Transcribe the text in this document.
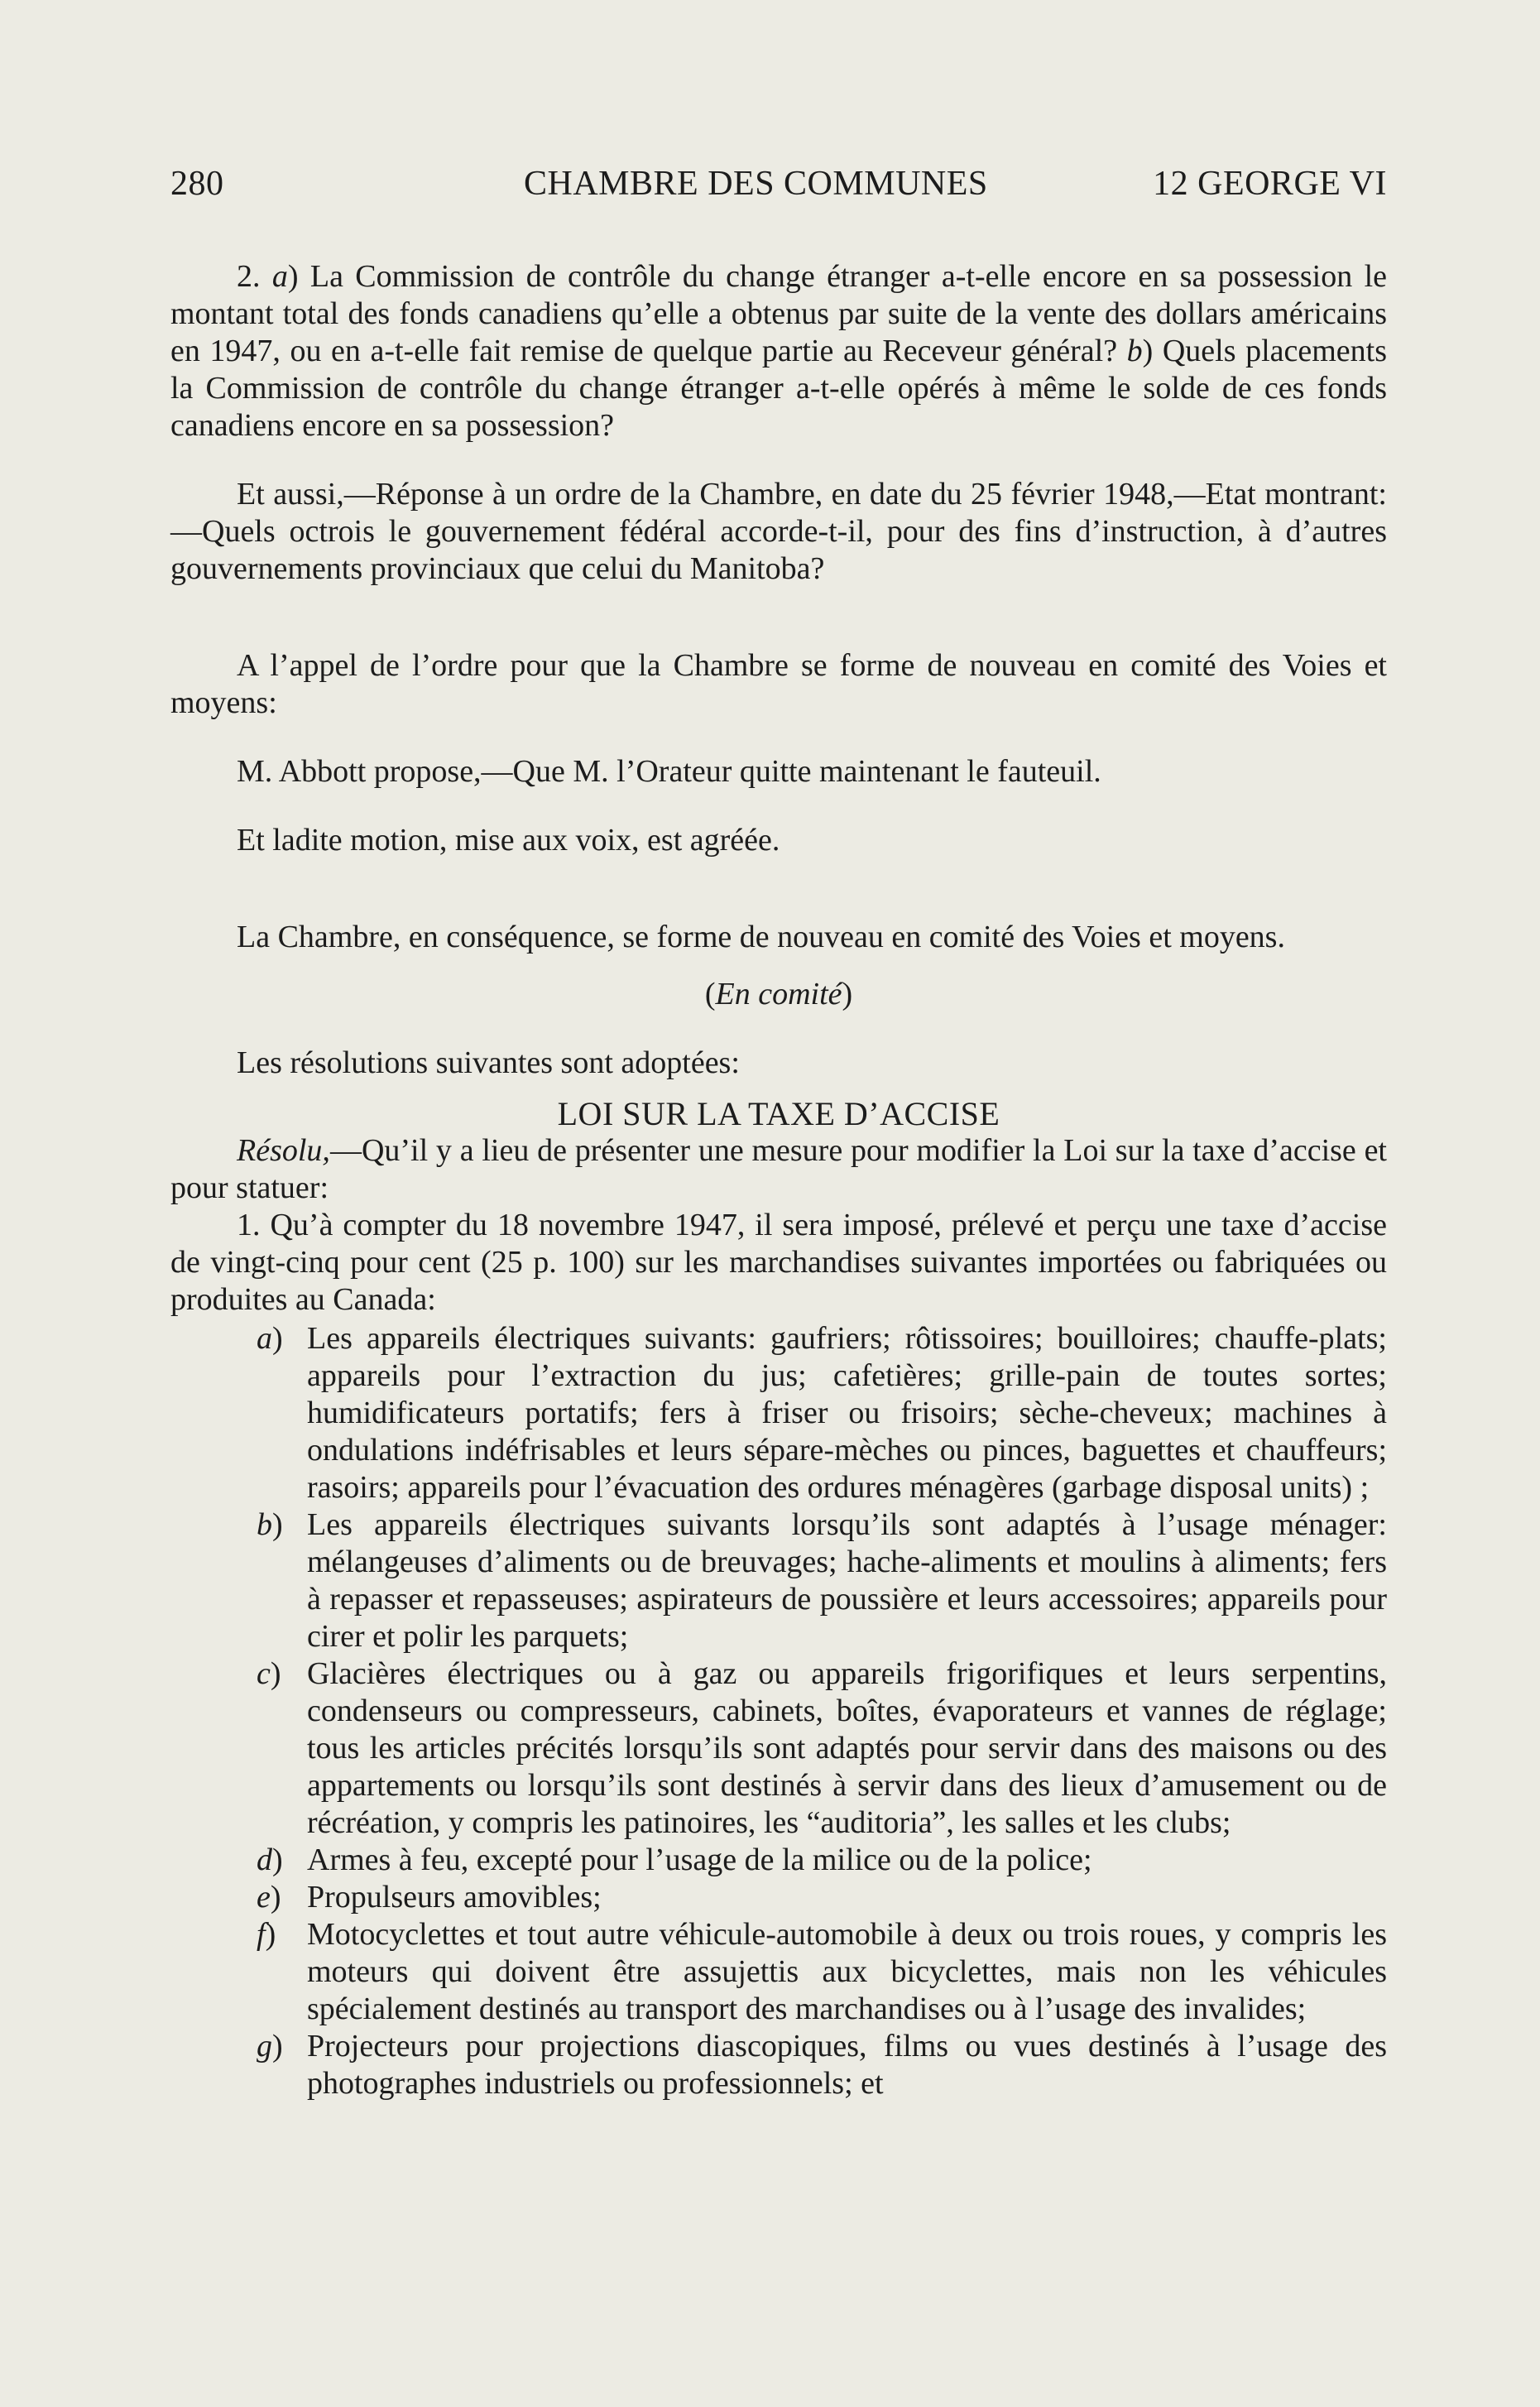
280	CHAMBRE DES COMMUNES	12 GEORGE VI

2. a) La Commission de contrôle du change étranger a-t-elle encore en sa possession le montant total des fonds canadiens qu’elle a obtenus par suite de la vente des dollars américains en 1947, ou en a-t-elle fait remise de quelque partie au Receveur général? b) Quels placements la Commission de contrôle du change étranger a-t-elle opérés à même le solde de ces fonds canadiens encore en sa possession?

Et aussi,—Réponse à un ordre de la Chambre, en date du 25 février 1948,—Etat montrant:—Quels octrois le gouvernement fédéral accorde-t-il, pour des fins d’instruction, à d’autres gouvernements provinciaux que celui du Manitoba?

A l’appel de l’ordre pour que la Chambre se forme de nouveau en comité des Voies et moyens:

M. Abbott propose,—Que M. l’Orateur quitte maintenant le fauteuil.

Et ladite motion, mise aux voix, est agréée.

La Chambre, en conséquence, se forme de nouveau en comité des Voies et moyens.

(En comité)

Les résolutions suivantes sont adoptées:

LOI SUR LA TAXE D’ACCISE

Résolu,—Qu’il y a lieu de présenter une mesure pour modifier la Loi sur la taxe d’accise et pour statuer:

1. Qu’à compter du 18 novembre 1947, il sera imposé, prélevé et perçu une taxe d’accise de vingt-cinq pour cent (25 p. 100) sur les marchandises suivantes importées ou fabriquées ou produites au Canada:

a) Les appareils électriques suivants: gaufriers; rôtissoires; bouilloires; chauffe-plats; appareils pour l’extraction du jus; cafetières; grille-pain de toutes sortes; humidificateurs portatifs; fers à friser ou frisoirs; sèche-cheveux; machines à ondulations indéfrisables et leurs sépare-mèches ou pinces, baguettes et chauffeurs; rasoirs; appareils pour l’évacuation des ordures ménagères (garbage disposal units) ;
b) Les appareils électriques suivants lorsqu’ils sont adaptés à l’usage ménager: mélangeuses d’aliments ou de breuvages; hache-aliments et moulins à aliments; fers à repasser et repasseuses; aspirateurs de poussière et leurs accessoires; appareils pour cirer et polir les parquets;
c) Glacières électriques ou à gaz ou appareils frigorifiques et leurs serpentins, condenseurs ou compresseurs, cabinets, boîtes, évaporateurs et vannes de réglage; tous les articles précités lorsqu’ils sont adaptés pour servir dans des maisons ou des appartements ou lorsqu’ils sont destinés à servir dans des lieux d’amusement ou de récréation, y compris les patinoires, les “auditoria”, les salles et les clubs;
d) Armes à feu, excepté pour l’usage de la milice ou de la police;
e) Propulseurs amovibles;
f) Motocyclettes et tout autre véhicule-automobile à deux ou trois roues, y compris les moteurs qui doivent être assujettis aux bicyclettes, mais non les véhicules spécialement destinés au transport des marchandises ou à l’usage des invalides;
g) Projecteurs pour projections diascopiques, films ou vues destinés à l’usage des photographes industriels ou professionnels; et
